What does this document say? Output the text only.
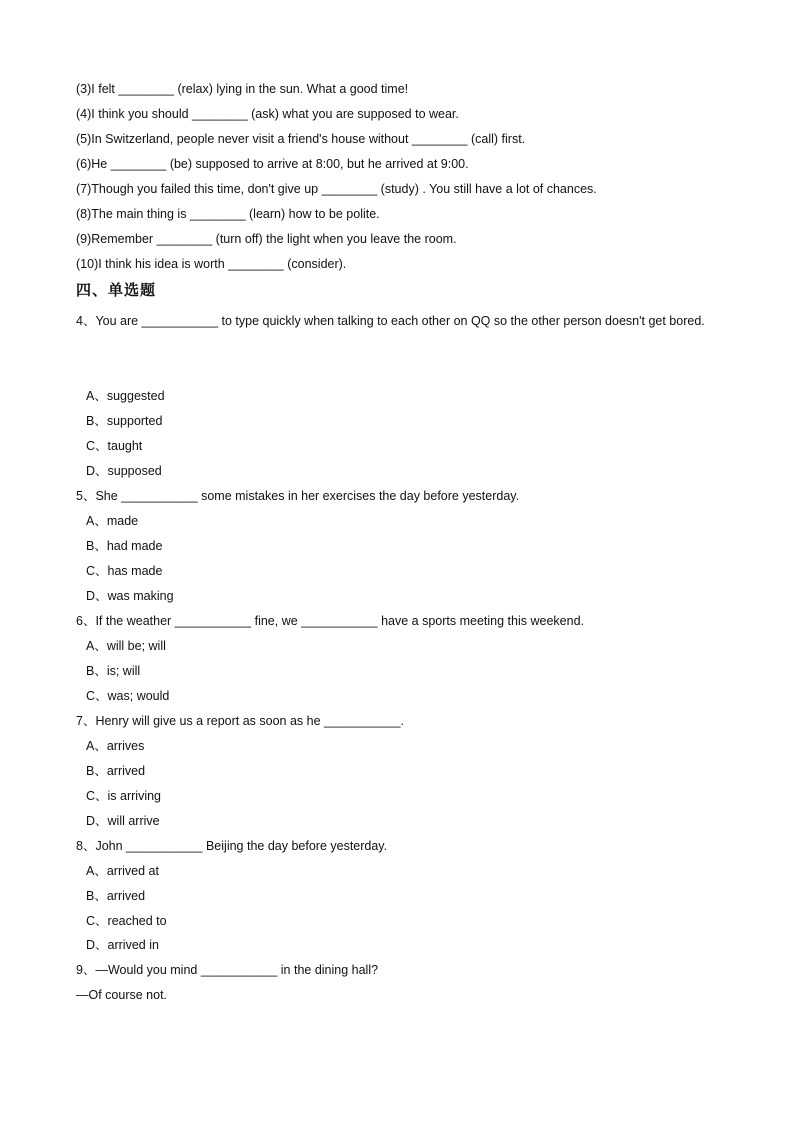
(3)I felt ________ (relax) lying in the sun. What a good time!
(4)I think you should ________ (ask) what you are supposed to wear.
(5)In Switzerland, people never visit a friend's house without ________ (call) first.
(6)He ________ (be) supposed to arrive at 8:00, but he arrived at 9:00.
(7)Though you failed this time, don't give up ________ (study) . You still have a lot of chances.
(8)The main thing is ________ (learn) how to be polite.
(9)Remember ________ (turn off) the light when you leave the room.
(10)I think his idea is worth ________ (consider).
四、单选题
4、You are ___________ to type quickly when talking to each other on QQ so the other person doesn't get bored.
A、suggested
B、supported
C、taught
D、supposed
5、She ___________ some mistakes in her exercises the day before yesterday.
A、made
B、had made
C、has made
D、was making
6、If the weather ___________ fine, we ___________ have a sports meeting this weekend.
A、will be; will
B、is; will
C、was; would
7、Henry will give us a report as soon as he ___________.
A、arrives
B、arrived
C、is arriving
D、will arrive
8、John ___________ Beijing the day before yesterday.
A、arrived at
B、arrived
C、reached to
D、arrived in
9、—Would you mind ___________ in the dining hall?
—Of course not.
